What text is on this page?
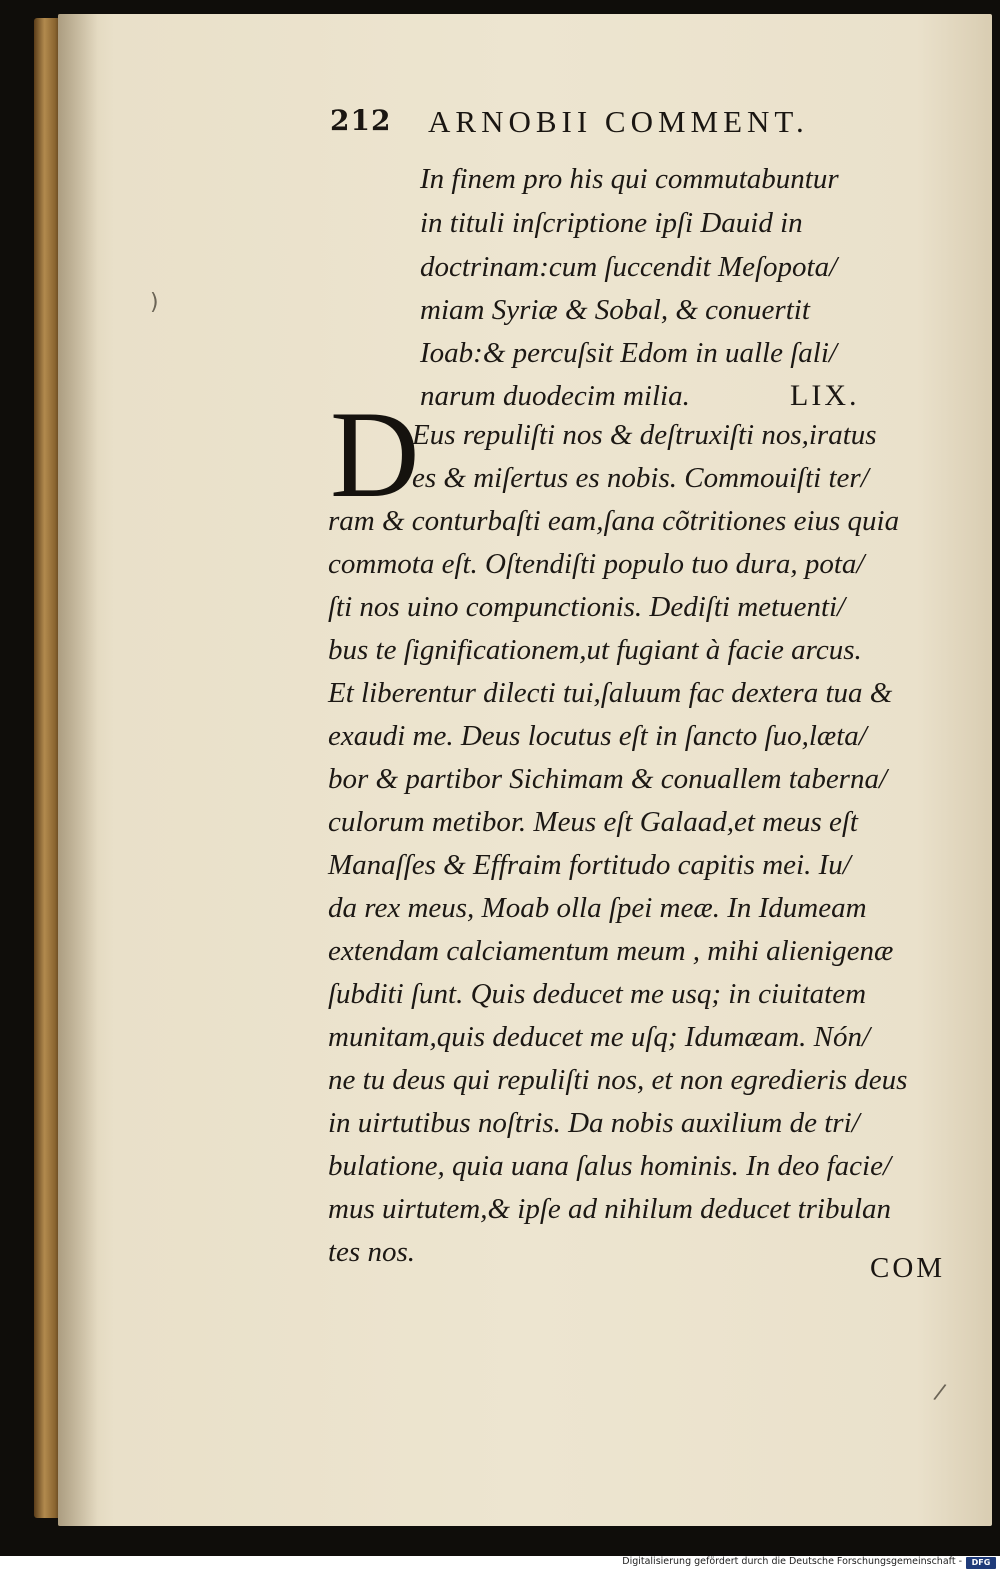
212 ARNOBII COMMENT.

In finem pro his qui commutabuntur

in tituli inſcriptione ipſi Dauid in

doctrinam:cum ſuccendit Meſopota/

miam Syriæ & Sobal, & conuertit

Ioab:& percuſsit Edom in ualle ſali/

narum duodecim milia.	LIX.

D

Eus repuliſti nos & deſtruxiſti nos,iratus

es & miſertus es nobis. Commouiſti ter/

ram & conturbaſti eam,ſana cõtritiones eius quia

commota eſt. Oſtendiſti populo tuo dura, pota/

ſti nos uino compunctionis. Dediſti metuenti/

bus te ſignificationem,ut fugiant à facie arcus.

Et liberentur dilecti tui,ſaluum fac dextera tua &

exaudi me. Deus locutus eſt in ſancto ſuo,læta/

bor & partibor Sichimam & conuallem taberna/

culorum metibor. Meus eſt Galaad,et meus eſt

Manaſſes & Effraim fortitudo capitis mei. Iu/

da rex meus, Moab olla ſpei meæ. In Idumeam

extendam calciamentum meum , mihi alienigenæ

ſubditi ſunt. Quis deducet me usq; in ciuitatem

munitam,quis deducet me uſq; Idumæam. Nón/

ne tu deus qui repuliſti nos, et non egredieris deus

in uirtutibus noſtris. Da nobis auxilium de tri/

bulatione, quia uana ſalus hominis. In deo facie/

mus uirtutem,& ipſe ad nihilum deducet tribulan

tes nos.	COM
)
/
Digitalisierung gefördert durch die Deutsche Forschungsgemeinschaft -	DFG
